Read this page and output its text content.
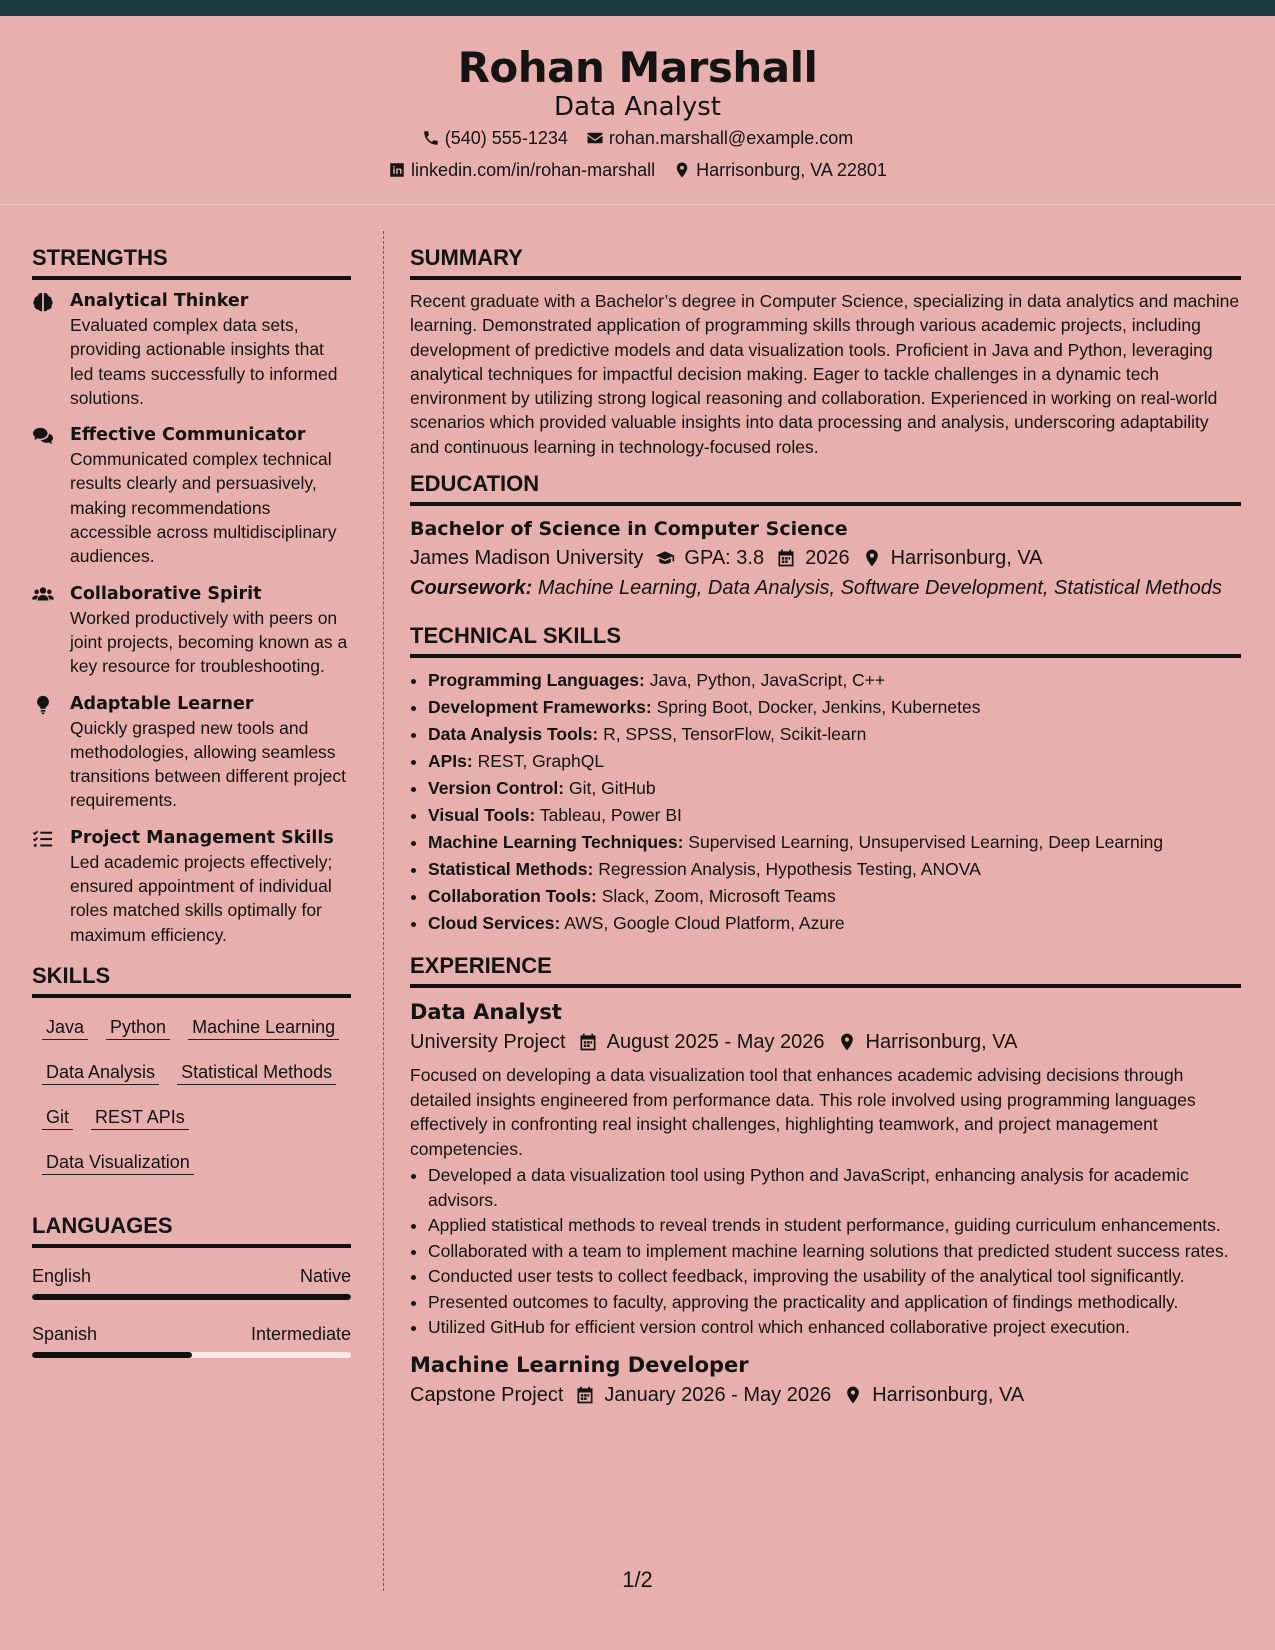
Rohan Marshall
Data Analyst
(540) 555-1234 rohan.marshall@example.com
linkedin.com/in/rohan-marshall Harrisonburg, VA 22801
STRENGTHS
Analytical Thinker
Evaluated complex data sets, providing actionable insights that led teams successfully to informed solutions.
Effective Communicator
Communicated complex technical results clearly and persuasively, making recommendations accessible across multidisciplinary audiences.
Collaborative Spirit
Worked productively with peers on joint projects, becoming known as a key resource for troubleshooting.
Adaptable Learner
Quickly grasped new tools and methodologies, allowing seamless transitions between different project requirements.
Project Management Skills
Led academic projects effectively; ensured appointment of individual roles matched skills optimally for maximum efficiency.
SKILLS
Java Python Machine Learning
Data Analysis Statistical Methods
Git REST APIs
Data Visualization
LANGUAGES
English	Native
Spanish	Intermediate
SUMMARY

Recent graduate with a Bachelor’s degree in Computer Science, specializing in data analytics and machine learning. Demonstrated application of programming skills through various academic projects, including development of predictive models and data visualization tools. Proficient in Java and Python, leveraging analytical techniques for impactful decision making. Eager to tackle challenges in a dynamic tech environment by utilizing strong logical reasoning and collaboration. Experienced in working on real-world scenarios which provided valuable insights into data processing and analysis, underscoring adaptability and continuous learning in technology-focused roles.

EDUCATION
Bachelor of Science in Computer Science
James Madison University GPA: 3.8 2026 Harrisonburg, VA
Coursework: Machine Learning, Data Analysis, Software Development, Statistical Methods
TECHNICAL SKILLS
• Programming Languages: Java, Python, JavaScript, C++
• Development Frameworks: Spring Boot, Docker, Jenkins, Kubernetes
• Data Analysis Tools: R, SPSS, TensorFlow, Scikit-learn
• APIs: REST, GraphQL
• Version Control: Git, GitHub
• Visual Tools: Tableau, Power BI
• Machine Learning Techniques: Supervised Learning, Unsupervised Learning, Deep Learning
• Statistical Methods: Regression Analysis, Hypothesis Testing, ANOVA
• Collaboration Tools: Slack, Zoom, Microsoft Teams
• Cloud Services: AWS, Google Cloud Platform, Azure
EXPERIENCE
Data Analyst
University Project August 2025 - May 2026 Harrisonburg, VA

Focused on developing a data visualization tool that enhances academic advising decisions through detailed insights engineered from performance data. This role involved using programming languages effectively in confronting real insight challenges, highlighting teamwork, and project management competencies.

• Developed a data visualization tool using Python and JavaScript, enhancing analysis for academic advisors.
• Applied statistical methods to reveal trends in student performance, guiding curriculum enhancements.
• Collaborated with a team to implement machine learning solutions that predicted student success rates.
• Conducted user tests to collect feedback, improving the usability of the analytical tool significantly.
• Presented outcomes to faculty, approving the practicality and application of findings methodically.
• Utilized GitHub for efficient version control which enhanced collaborative project execution.
Machine Learning Developer
Capstone Project January 2026 - May 2026 Harrisonburg, VA
1/2
